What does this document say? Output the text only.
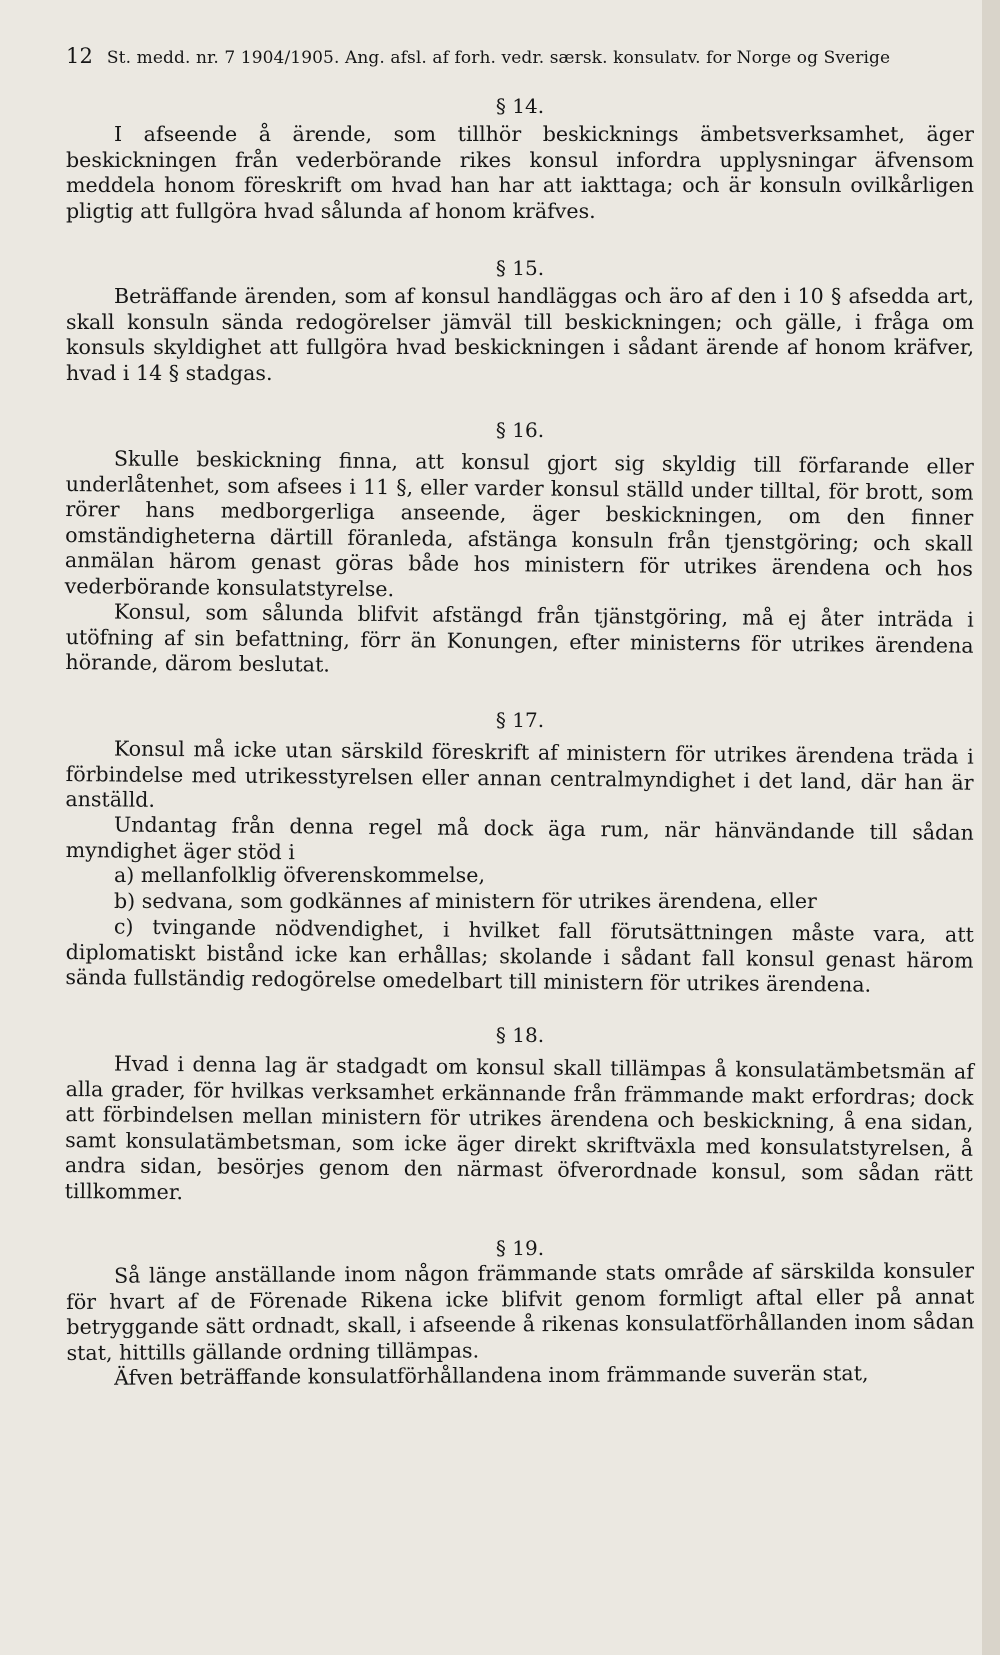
12 St. medd. nr. 7 1904/1905. Ang. afsl. af forh. vedr. særsk. konsulatv. for Norge og Sverige
§ 14.

I afseende å ärende, som tillhör beskicknings ämbetsverksamhet, äger beskickningen från vederbörande rikes konsul infordra upplysningar äfvensom meddela honom föreskrift om hvad han har att iakttaga; och är konsuln ovilkårligen pligtig att fullgöra hvad sålunda af honom kräfves.

§ 15.

Beträffande ärenden, som af konsul handläggas och äro af den i 10 § afsedda art, skall konsuln sända redogörelser jämväl till beskickningen; och gälle, i fråga om konsuls skyldighet att fullgöra hvad beskickningen i sådant ärende af honom kräfver, hvad i 14 § stadgas.

§ 16.

Skulle beskickning finna, att konsul gjort sig skyldig till förfarande eller underlåtenhet, som afsees i 11 §, eller varder konsul ställd under tilltal, för brott, som rörer hans medborgerliga anseende, äger beskickningen, om den finner omständigheterna därtill föranleda, afstänga konsuln från tjenstgöring; och skall anmälan härom genast göras både hos ministern för utrikes ärendena och hos vederbörande konsulatstyrelse.

Konsul, som sålunda blifvit afstängd från tjänstgöring, må ej åter inträda i utöfning af sin befattning, förr än Konungen, efter ministerns för utrikes ärendena hörande, därom beslutat.

§ 17.

Konsul må icke utan särskild föreskrift af ministern för utrikes ärendena träda i förbindelse med utrikesstyrelsen eller annan centralmyndighet i det land, där han är anställd.

Undantag från denna regel må dock äga rum, när hänvändande till sådan myndighet äger stöd i

a) mellanfolklig öfverenskommelse,

b) sedvana, som godkännes af ministern för utrikes ärendena, eller

c) tvingande nödvendighet, i hvilket fall förutsättningen måste vara, att diplomatiskt bistånd icke kan erhållas; skolande i sådant fall konsul genast härom sända fullständig redogörelse omedelbart till ministern för utrikes ärendena.

§ 18.

Hvad i denna lag är stadgadt om konsul skall tillämpas å konsulatämbetsmän af alla grader, för hvilkas verksamhet erkännande från främmande makt erfordras; dock att förbindelsen mellan ministern för utrikes ärendena och beskickning, å ena sidan, samt konsulatämbetsman, som icke äger direkt skriftväxla med konsulatstyrelsen, å andra sidan, besörjes genom den närmast öfverordnade konsul, som sådan rätt tillkommer.

§ 19.

Så länge anställande inom någon främmande stats område af särskilda konsuler för hvart af de Förenade Rikena icke blifvit genom formligt aftal eller på annat betryggande sätt ordnadt, skall, i afseende å rikenas konsulatförhållanden inom sådan stat, hittills gällande ordning tillämpas.

Äfven beträffande konsulatförhållandena inom främmande suverän stat,
